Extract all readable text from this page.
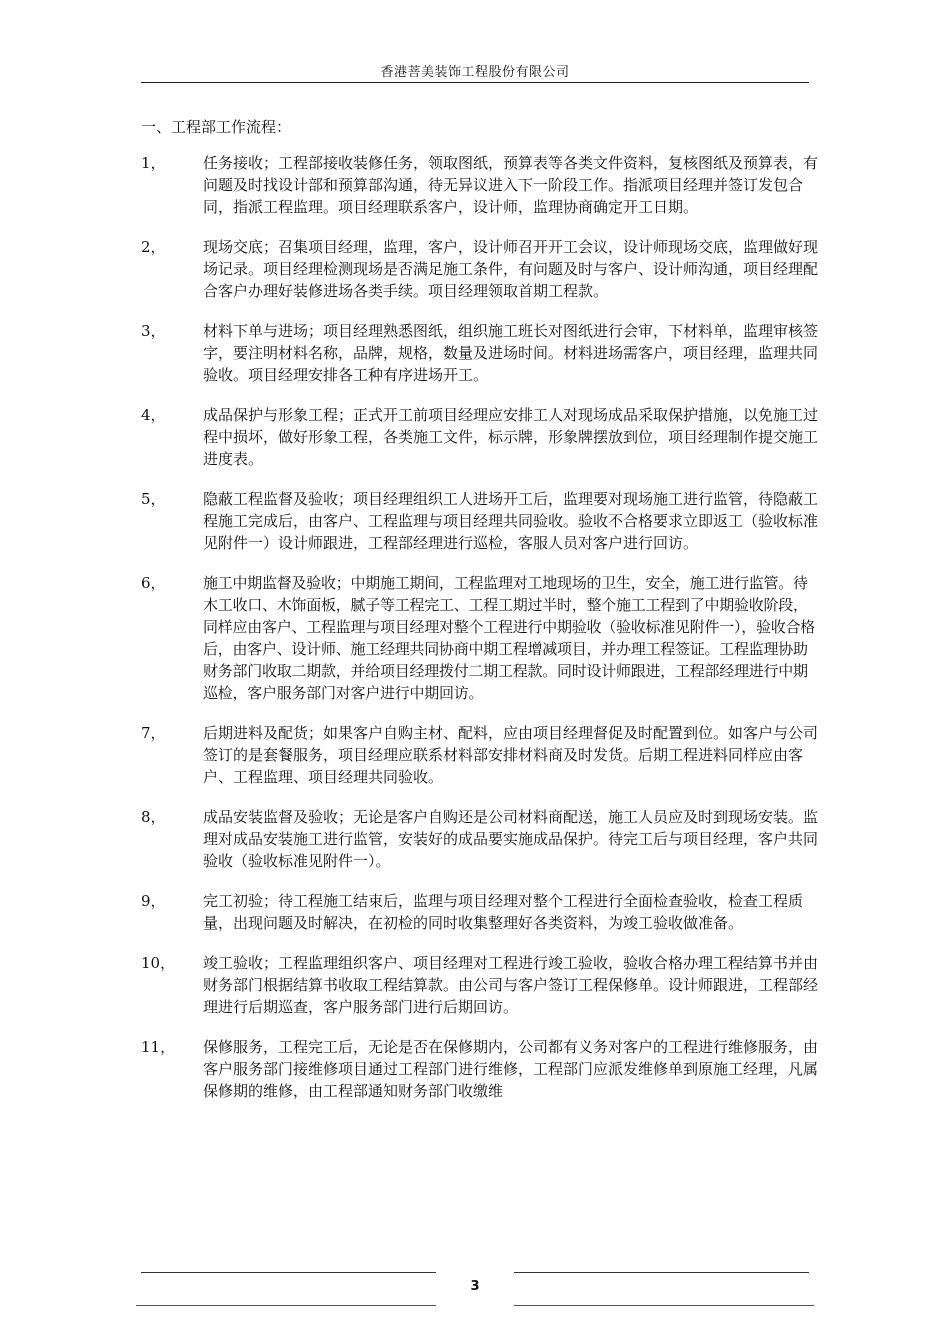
香港菩美装饰工程股份有限公司
一、工程部工作流程：
1，	任务接收；工程部接收装修任务，领取图纸，预算表等各类文件资料，复核图纸及预算表，有问题及时找设计部和预算部沟通，待无异议进入下一阶段工作。指派项目经理并签订发包合同，指派工程监理。项目经理联系客户，设计师，监理协商确定开工日期。

2，	现场交底；召集项目经理，监理，客户，设计师召开开工会议，设计师现场交底，监理做好现场记录。项目经理检测现场是否满足施工条件，有问题及时与客户、设计师沟通，项目经理配合客户办理好装修进场各类手续。项目经理领取首期工程款。

3，	材料下单与进场；项目经理熟悉图纸，组织施工班长对图纸进行会审，下材料单，监理审核签字，要注明材料名称，品牌，规格，数量及进场时间。材料进场需客户，项目经理，监理共同验收。项目经理安排各工种有序进场开工。

4，	成品保护与形象工程；正式开工前项目经理应安排工人对现场成品采取保护措施，以免施工过程中损坏，做好形象工程，各类施工文件，标示牌，形象牌摆放到位，项目经理制作提交施工进度表。

5，	隐蔽工程监督及验收；项目经理组织工人进场开工后，监理要对现场施工进行监管，待隐蔽工程施工完成后，由客户、工程监理与项目经理共同验收。验收不合格要求立即返工（验收标准见附件一）设计师跟进，工程部经理进行巡检，客服人员对客户进行回访。

6，	施工中期监督及验收；中期施工期间，工程监理对工地现场的卫生，安全，施工进行监管。待木工收口、木饰面板，腻子等工程完工、工程工期过半时，整个施工工程到了中期验收阶段，同样应由客户、工程监理与项目经理对整个工程进行中期验收（验收标准见附件一），验收合格后，由客户、设计师、施工经理共同协商中期工程增减项目，并办理工程签证。工程监理协助财务部门收取二期款，并给项目经理拨付二期工程款。同时设计师跟进，工程部经理进行中期巡检，客户服务部门对客户进行中期回访。

7，	后期进料及配货；如果客户自购主材、配料，应由项目经理督促及时配置到位。如客户与公司签订的是套餐服务，项目经理应联系材料部安排材料商及时发货。后期工程进料同样应由客户、工程监理、项目经理共同验收。

8，	成品安装监督及验收；无论是客户自购还是公司材料商配送，施工人员应及时到现场安装。监理对成品安装施工进行监管，安装好的成品要实施成品保护。待完工后与项目经理，客户共同验收（验收标准见附件一）。

9，	完工初验；待工程施工结束后，监理与项目经理对整个工程进行全面检查验收，检查工程质量，出现问题及时解决，在初检的同时收集整理好各类资料，为竣工验收做准备。

10，	竣工验收；工程监理组织客户、项目经理对工程进行竣工验收，验收合格办理工程结算书并由财务部门根据结算书收取工程结算款。由公司与客户签订工程保修单。设计师跟进，工程部经理进行后期巡查，客户服务部门进行后期回访。

11，	保修服务，工程完工后，无论是否在保修期内，公司都有义务对客户的工程进行维修服务，由客户服务部门接维修项目通过工程部门进行维修，工程部门应派发维修单到原施工经理，凡属保修期的维修，由工程部通知财务部门收缴维

3
